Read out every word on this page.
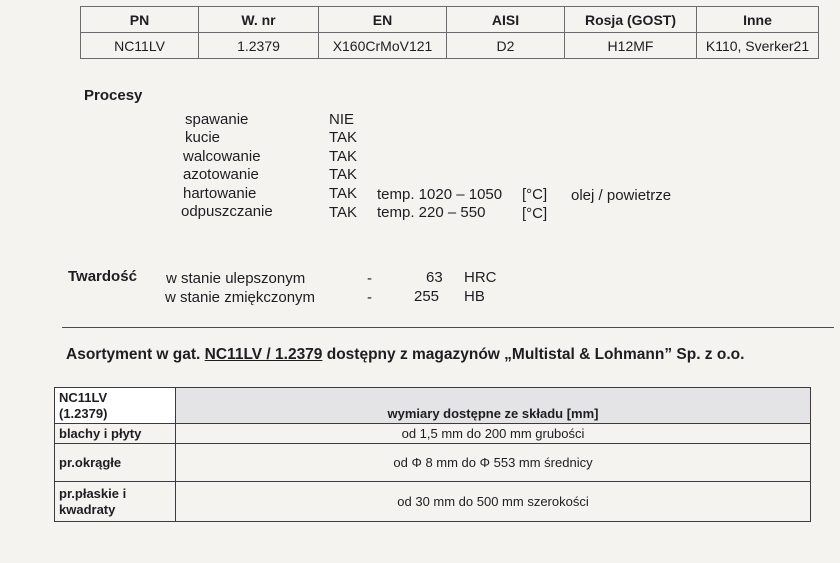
PN	W. nr	EN	AISI	Rosja (GOST)	Inne
NC11LV	1.2379	X160CrMoV121	D2	H12MF	K110, Sverker21
Procesy
spawanie	NIE
kucie	TAK
walcowanie	TAK
azotowanie	TAK
hartowanie	TAK temp. 1020 – 1050 [°C] olej / powietrze
odpuszczanie	TAK temp. 220 – 550 [°C]
Twardość w stanie ulepszonym	-	63 HRC
w stanie zmiękczonym	-	255 HB
Asortyment w gat. NC11LV / 1.2379 dostępny z magazynów „Multistal & Lohmann” Sp. z o.o.
NC11LV
(1.2379)	wymiary dostępne ze składu [mm]
blachy i płyty	od 1,5 mm do 200 mm grubości
pr.okrągłe	od Φ 8 mm do Φ 553 mm średnicy

pr.płaskie i
kwadraty	od 30 mm do 500 mm szerokości
